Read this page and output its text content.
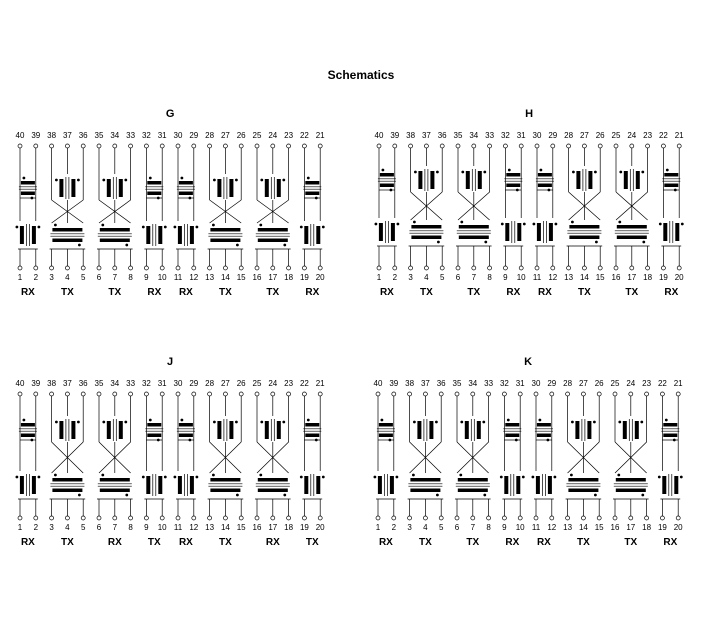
Schematics
G
40 39 38 37 36 35 34 33 32 31 30 29 28 27 26 25 24 23 22 21
1 2 3 4 5 6 7 8 9 10 11 12 13 14 15 16 17 18 19 20
RX	TX	TX	RX RX	TX	TX	RX
H
40 39 38 37 36 35 34 33 32 31 30 29 28 27 26 25 24 23 22 21
1 2 3 4 5 6 7 8 9 10 11 12 13 14 15 16 17 18 19 20
RX	TX	TX	RX RX	TX	TX	RX
J
40 39 38 37 36 35 34 33 32 31 30 29 28 27 26 25 24 23 22 21
1 2 3 4 5 6 7 8 9 10 11 12 13 14 15 16 17 18 19 20
RX	TX	RX	TX RX	TX	RX	TX
K
40 39 38 37 36 35 34 33 32 31 30 29 28 27 26 25 24 23 22 21
1 2 3 4 5 6 7 8 9 10 11 12 13 14 15 16 17 18 19 20
RX	TX	TX	RX RX	TX	TX	RX
